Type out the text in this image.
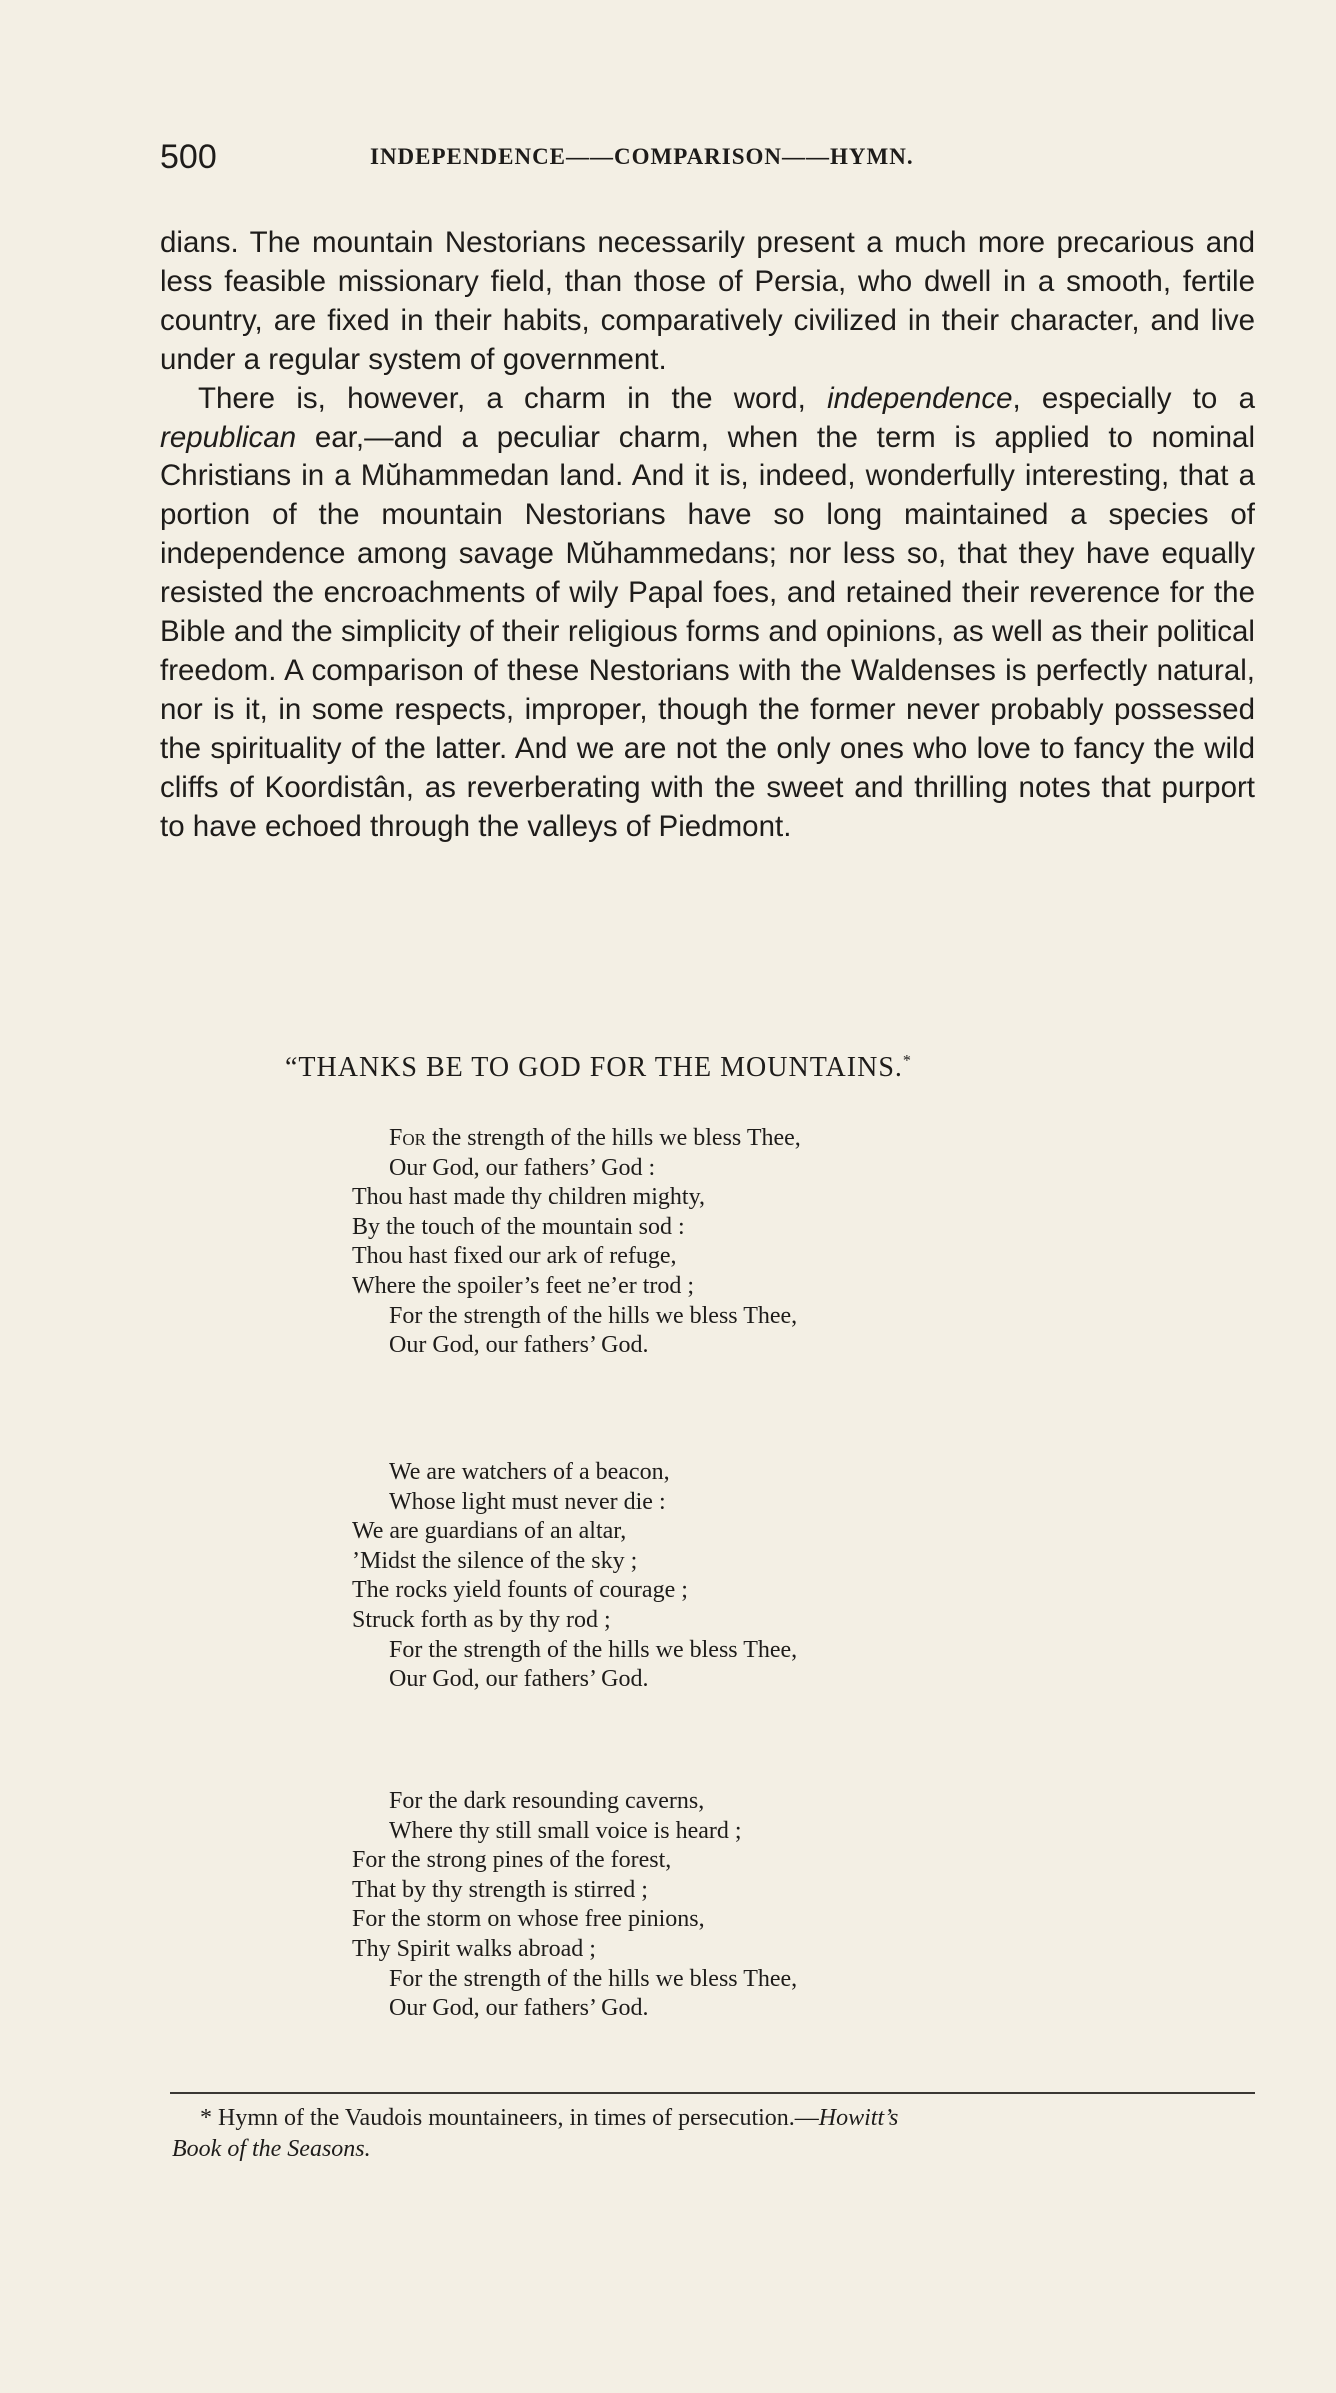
500	INDEPENDENCE——COMPARISON——HYMN.

dians. The mountain Nestorians necessarily present a much more precarious and less feasible missionary field, than those of Persia, who dwell in a smooth, fertile country, are fixed in their habits, comparatively civilized in their character, and live under a regular system of government.

There is, however, a charm in the word, independence, especially to a republican ear,—and a peculiar charm, when the term is applied to nominal Christians in a Mŭhammedan land. And it is, indeed, wonderfully interesting, that a portion of the mountain Nestorians have so long maintained a species of independence among savage Mŭhammedans; nor less so, that they have equally resisted the encroachments of wily Papal foes, and retained their reverence for the Bible and the simplicity of their religious forms and opinions, as well as their political freedom. A comparison of these Nestorians with the Waldenses is perfectly natural, nor is it, in some respects, improper, though the former never probably possessed the spirituality of the latter. And we are not the only ones who love to fancy the wild cliffs of Koordistân, as reverberating with the sweet and thrilling notes that purport to have echoed through the valleys of Piedmont.

“THANKS BE TO GOD FOR THE MOUNTAINS.*
For the strength of the hills we bless Thee,
Our God, our fathers’ God :
Thou hast made thy children mighty,
By the touch of the mountain sod :
Thou hast fixed our ark of refuge,
Where the spoiler’s feet ne’er trod ;
For the strength of the hills we bless Thee,
Our God, our fathers’ God.
We are watchers of a beacon,
Whose light must never die :
We are guardians of an altar,
’Midst the silence of the sky ;
The rocks yield founts of courage ;
Struck forth as by thy rod ;
For the strength of the hills we bless Thee,
Our God, our fathers’ God.
For the dark resounding caverns,
Where thy still small voice is heard ;
For the strong pines of the forest,
That by thy strength is stirred ;
For the storm on whose free pinions,
Thy Spirit walks abroad ;
For the strength of the hills we bless Thee,
Our God, our fathers’ God.
* Hymn of the Vaudois mountaineers, in times of persecution.—Howitt’s
Book of the Seasons.
